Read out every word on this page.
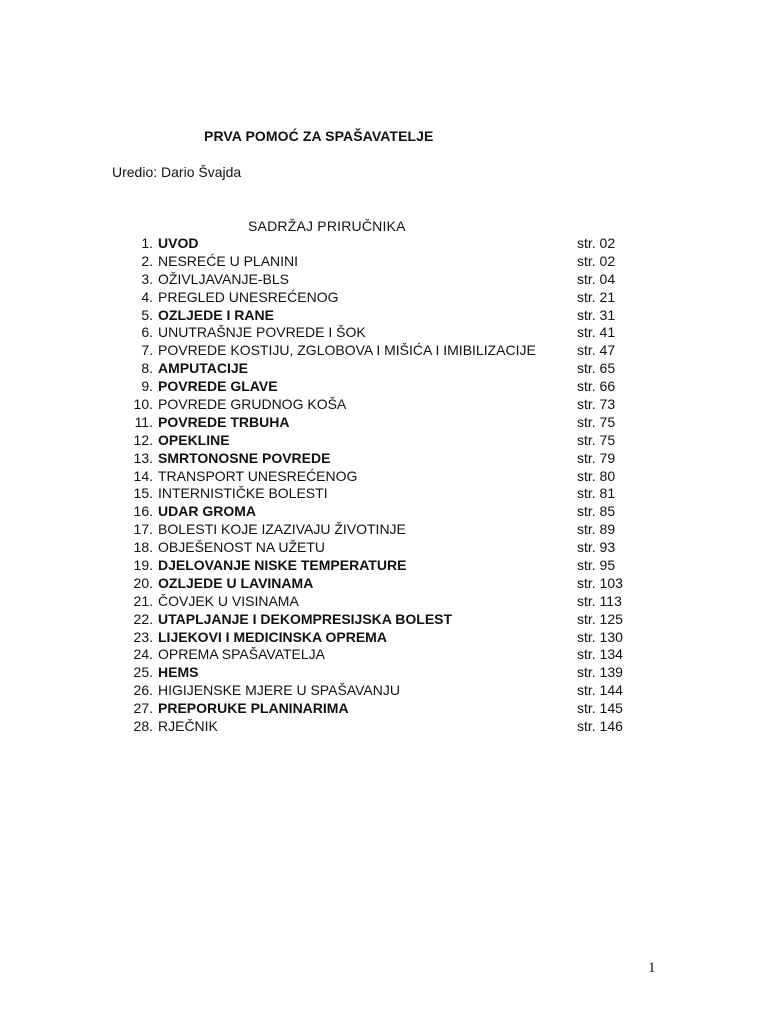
PRVA POMOĆ ZA SPAŠAVATELJE
Uredio: Dario Švajda
SADRŽAJ PRIRUČNIKA
1. UVOD	str. 02
2. NESREĆE U PLANINI	str. 02
3. OŽIVLJAVANJE-BLS	str. 04
4. PREGLED UNESREĆENOG	str. 21
5. OZLJEDE I RANE	str. 31
6. UNUTRAŠNJE POVREDE I ŠOK	str. 41
7. POVREDE KOSTIJU, ZGLOBOVA I MIŠIĆA I IMIBILIZACIJE	str. 47
8. AMPUTACIJE	str. 65
9. POVREDE GLAVE	str. 66
10. POVREDE GRUDNOG KOŠA	str. 73
11. POVREDE TRBUHA	str. 75
12. OPEKLINE	str. 75
13. SMRTONOSNE POVREDE	str. 79
14. TRANSPORT UNESREĆENOG	str. 80
15. INTERNISTIČKE BOLESTI	str. 81
16. UDAR GROMA	str. 85
17. BOLESTI KOJE IZAZIVAJU ŽIVOTINJE	str. 89
18. OBJEŠENOST NA UŽETU	str. 93
19. DJELOVANJE NISKE TEMPERATURE	str. 95
20. OZLJEDE U LAVINAMA	str. 103
21. ČOVJEK U VISINAMA	str. 113
22. UTAPLJANJE I DEKOMPRESIJSKA BOLEST	str. 125
23. LIJEKOVI I MEDICINSKA OPREMA	str. 130
24. OPREMA SPAŠAVATELJA	str. 134
25. HEMS	str. 139
26. HIGIJENSKE MJERE U SPAŠAVANJU	str. 144
27. PREPORUKE PLANINARIMA	str. 145
28. RJEČNIK	str. 146
1
